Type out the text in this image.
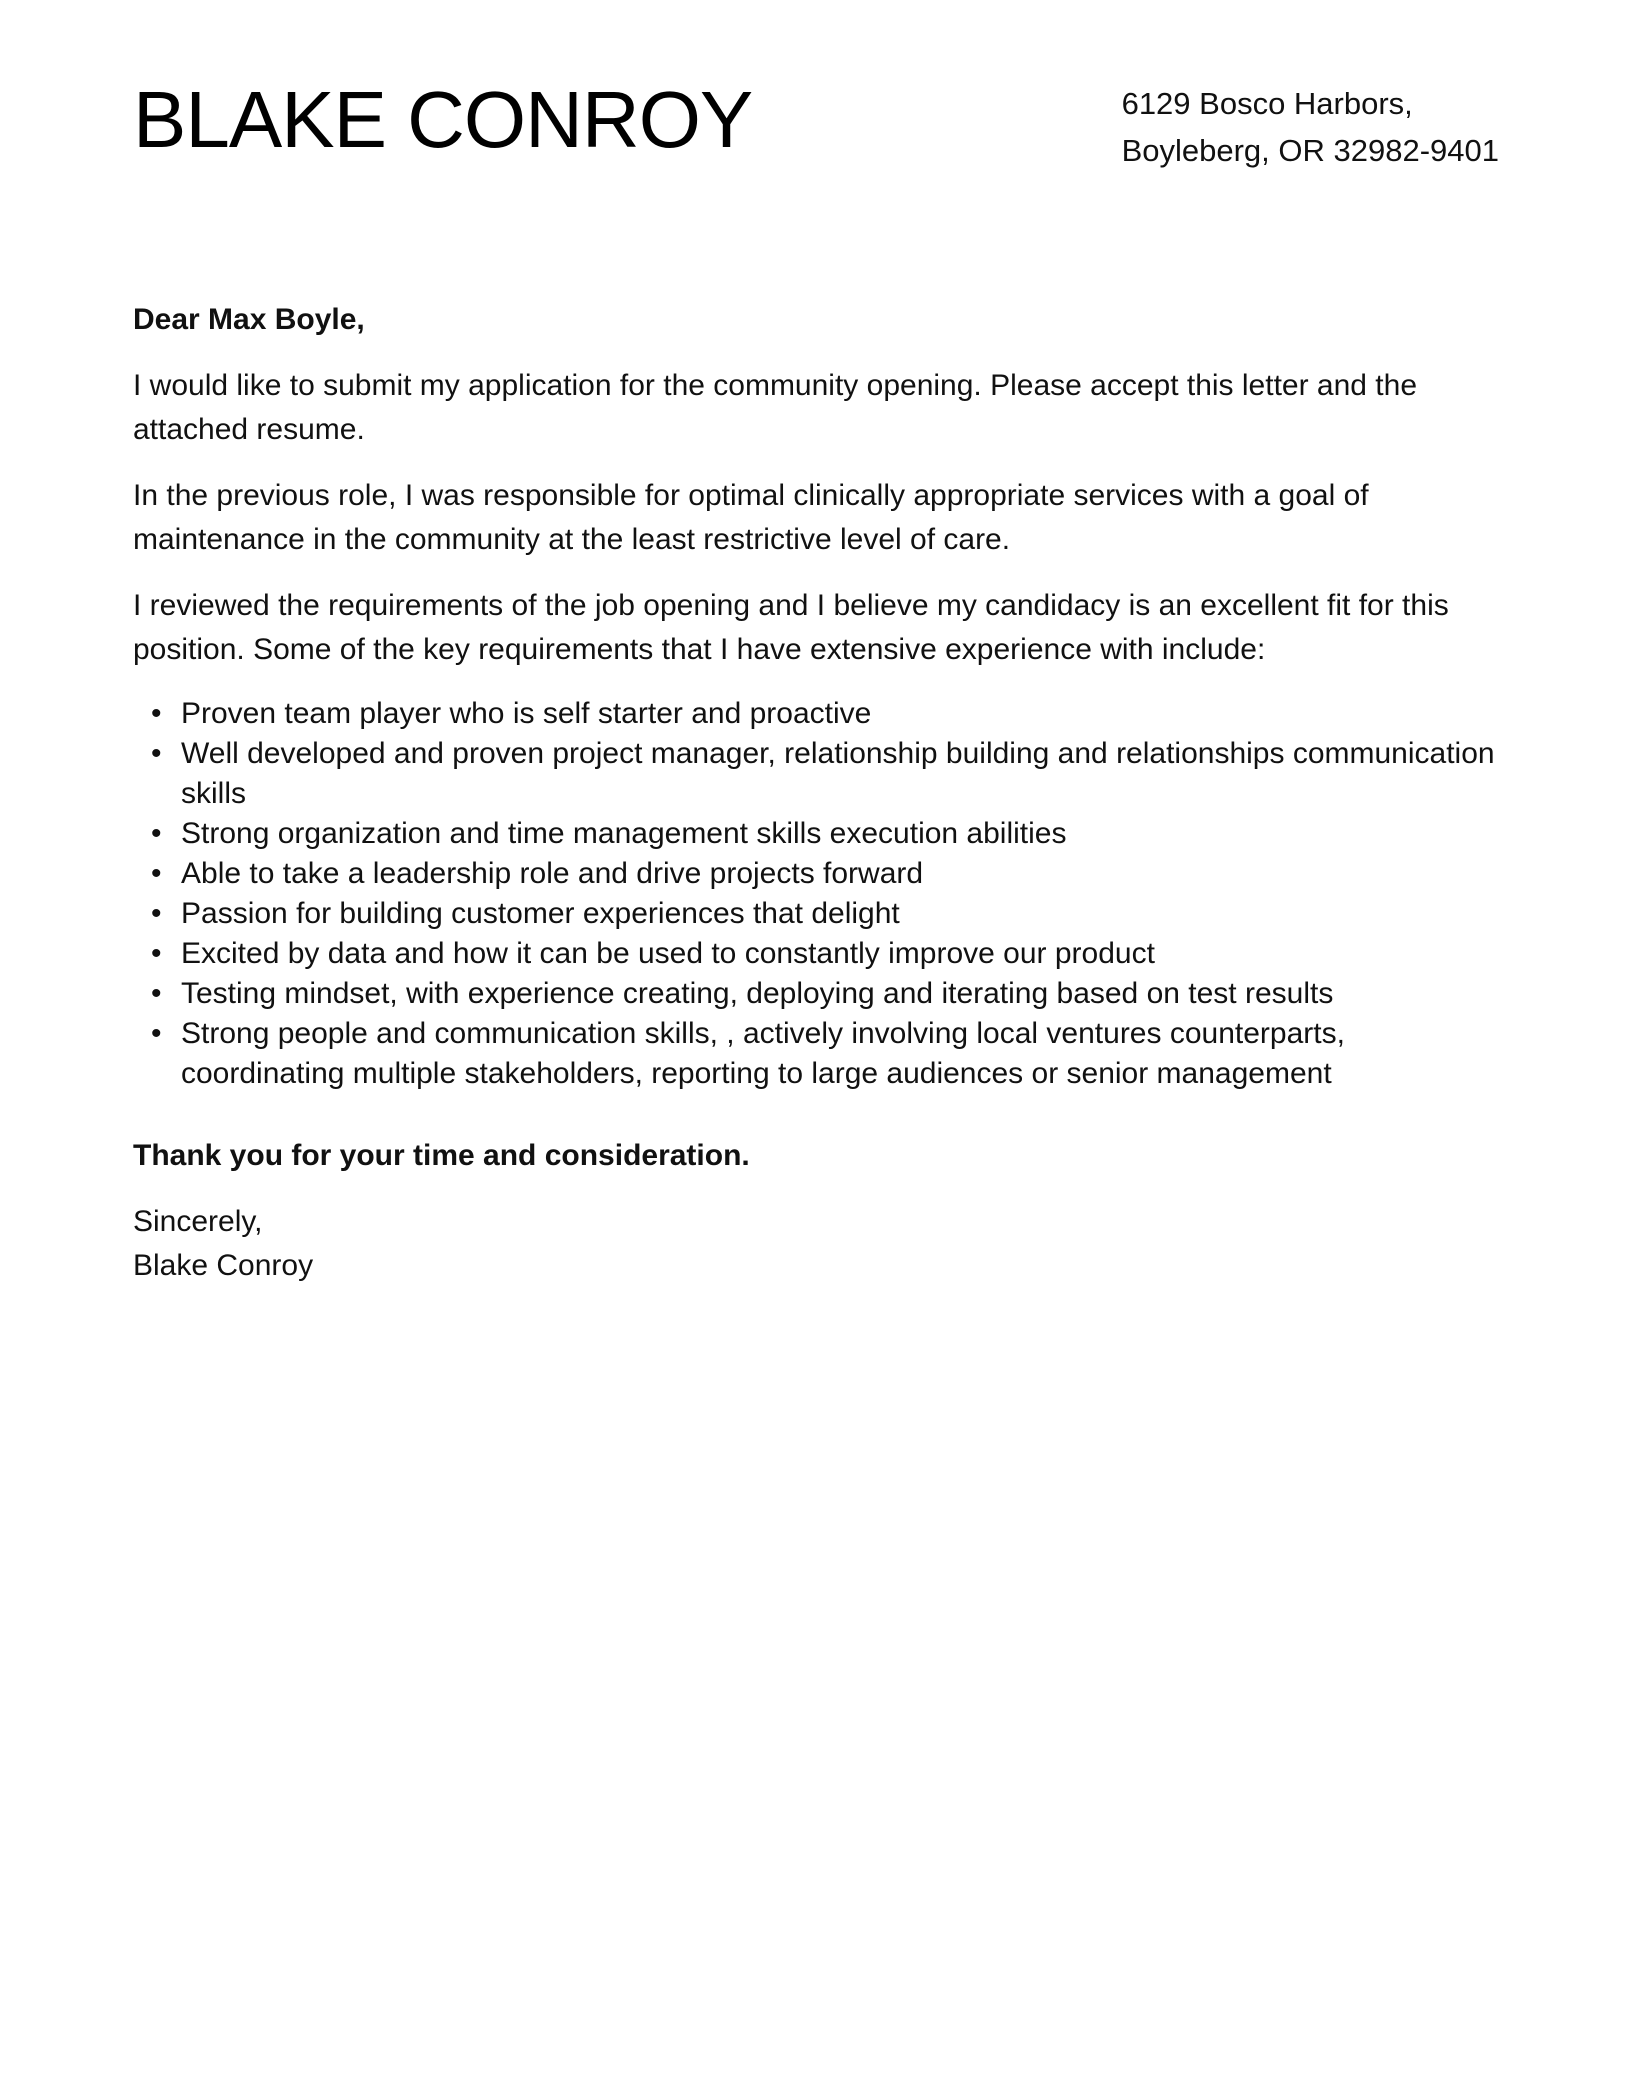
BLAKE CONROY	6129 Bosco Harbors,
Boyleberg, OR 32982-9401

Dear Max Boyle,

I would like to submit my application for the community opening. Please accept this letter and the attached resume.

In the previous role, I was responsible for optimal clinically appropriate services with a goal of maintenance in the community at the least restrictive level of care.

I reviewed the requirements of the job opening and I believe my candidacy is an excellent fit for this position. Some of the key requirements that I have extensive experience with include:

• Proven team player who is self starter and proactive
• Well developed and proven project manager, relationship building and relationships communication skills
• Strong organization and time management skills execution abilities
• Able to take a leadership role and drive projects forward
• Passion for building customer experiences that delight
• Excited by data and how it can be used to constantly improve our product
• Testing mindset, with experience creating, deploying and iterating based on test results
• Strong people and communication skills, , actively involving local ventures counterparts, coordinating multiple stakeholders, reporting to large audiences or senior management

Thank you for your time and consideration.

Sincerely,
Blake Conroy
